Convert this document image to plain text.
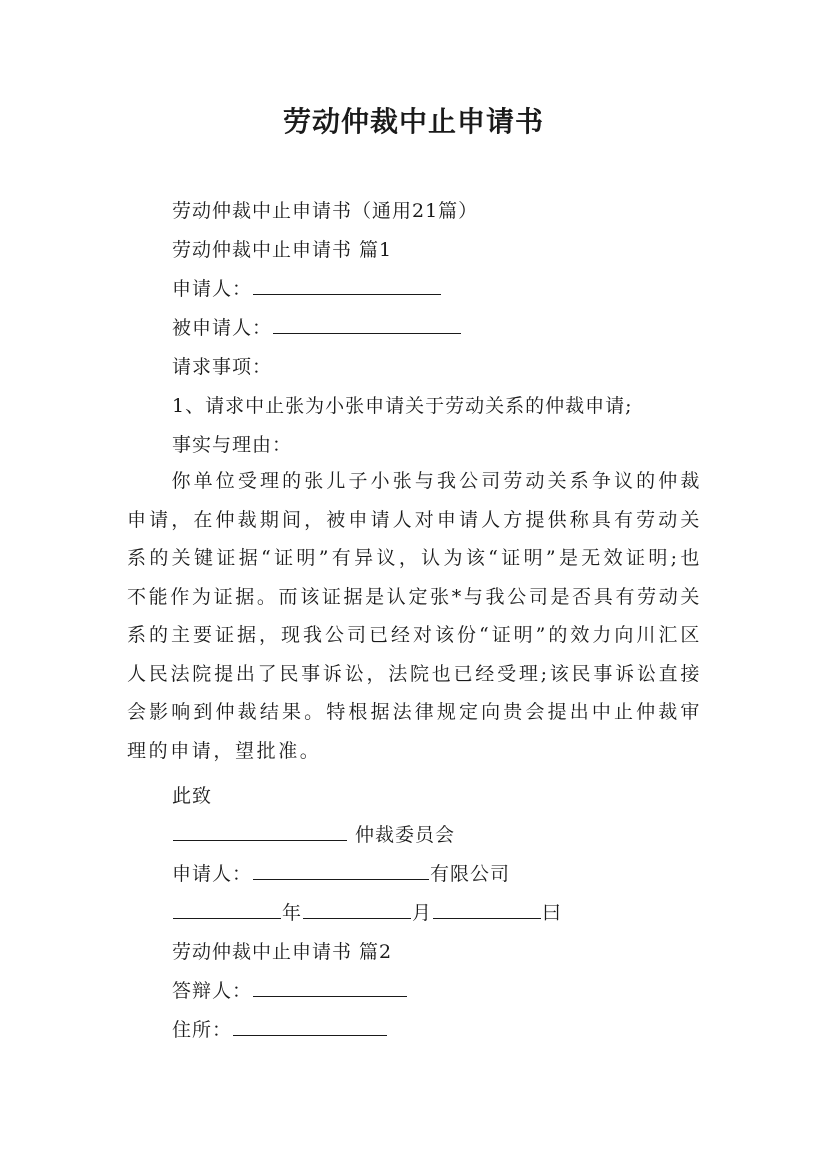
劳动仲裁中止申请书
劳动仲裁中止申请书（通用21篇）
劳动仲裁中止申请书 篇1
申请人：
被申请人：
请求事项：
1、请求中止张为小张申请关于劳动关系的仲裁申请;
事实与理由：
你单位受理的张儿子小张与我公司劳动关系争议的仲裁申请，在仲裁期间，被申请人对申请人方提供称具有劳动关系的关键证据“证明”有异议，认为该“证明”是无效证明;也不能作为证据。而该证据是认定张*与我公司是否具有劳动关系的主要证据，现我公司已经对该份“证明”的效力向川汇区人民法院提出了民事诉讼，法院也已经受理;该民事诉讼直接会影响到仲裁结果。特根据法律规定向贵会提出中止仲裁审理的申请，望批准。
此致
仲裁委员会
申请人：	有限公司
年	月	曰
劳动仲裁中止申请书 篇2
答辩人：
住所：
